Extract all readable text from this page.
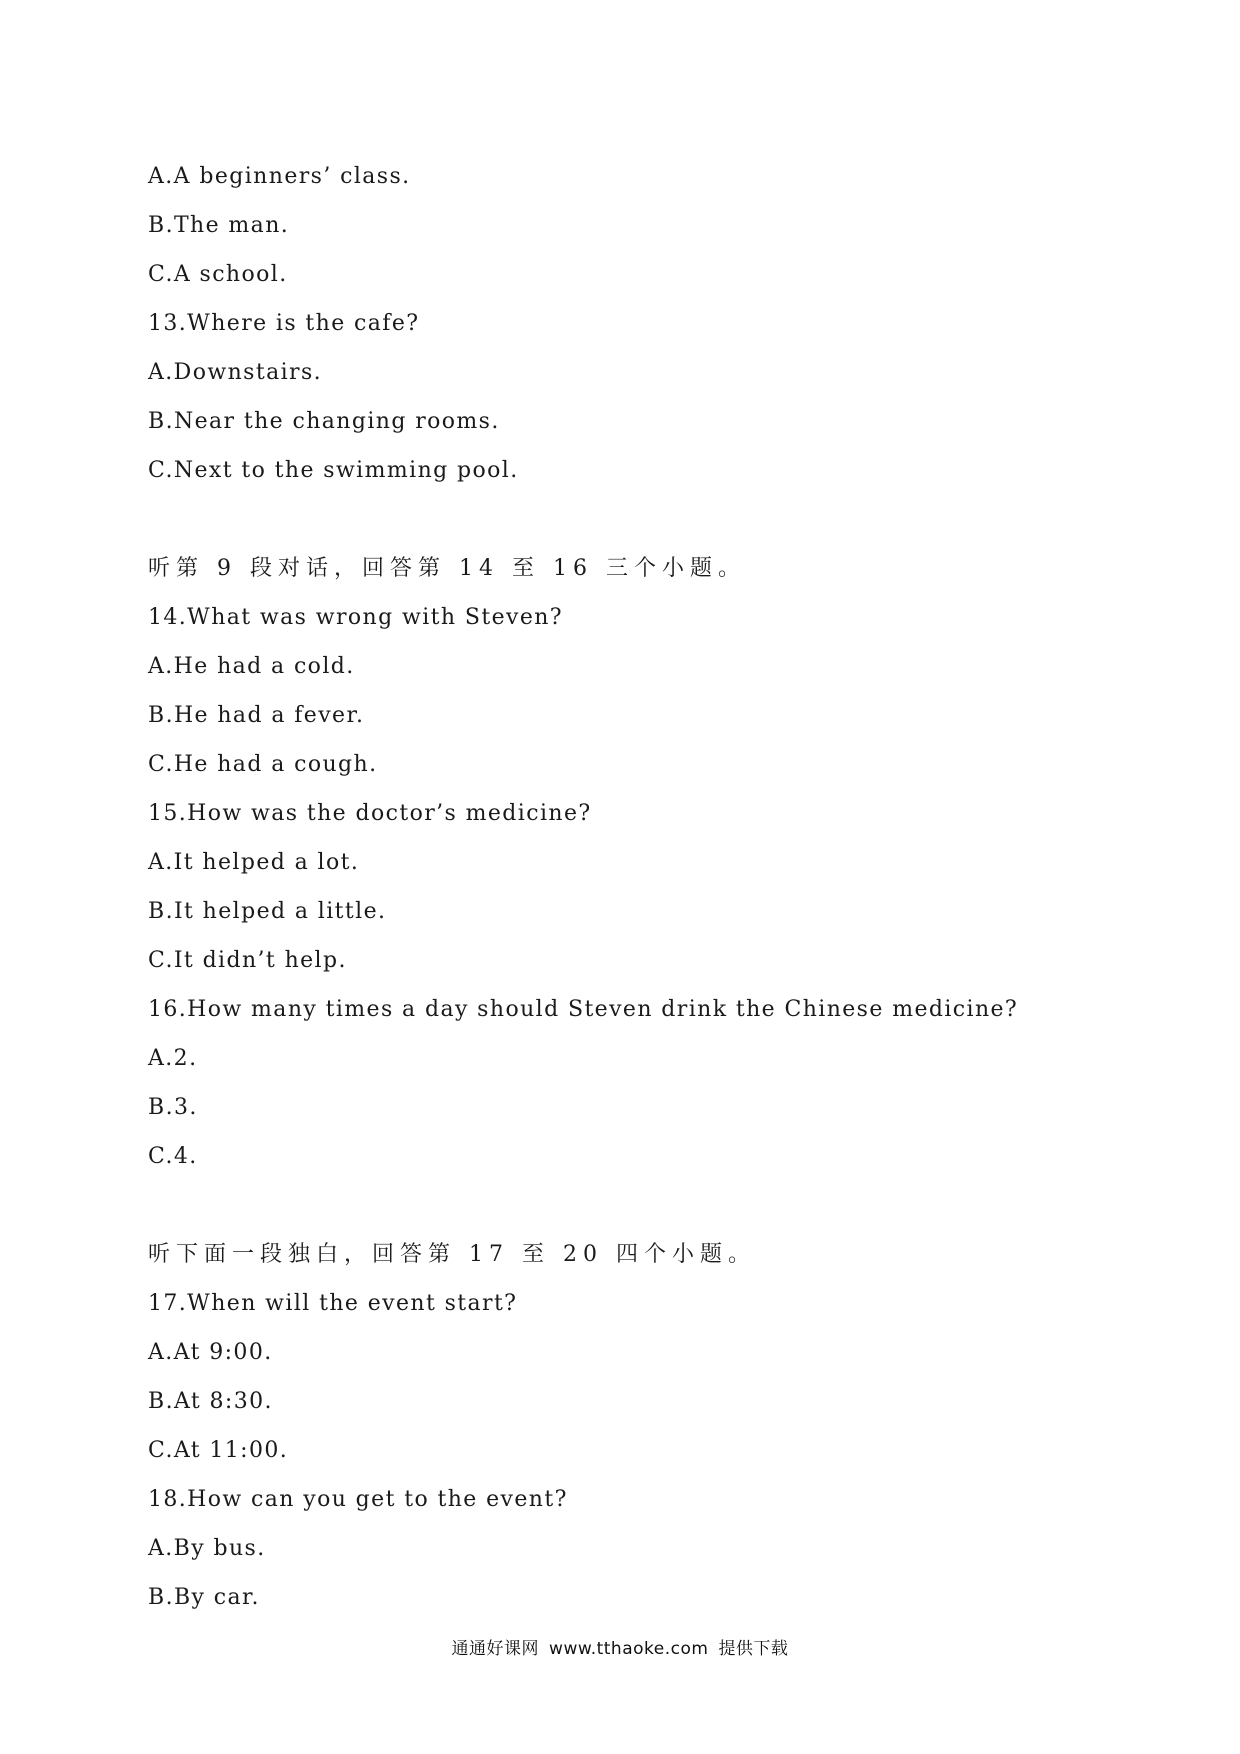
A.A beginners’ class.
B.The man.
C.A school.
13.Where is the cafe?
A.Downstairs.
B.Near the changing rooms.
C.Next to the swimming pool.
听第 9 段对话，回答第 14 至 16 三个小题。
14.What was wrong with Steven?
A.He had a cold.
B.He had a fever.
C.He had a cough.
15.How was the doctor’s medicine?
A.It helped a lot.
B.It helped a little.
C.It didn’t help.
16.How many times a day should Steven drink the Chinese medicine?
A.2.
B.3.
C.4.
听下面一段独白，回答第 17 至 20 四个小题。
17.When will the event start?
A.At 9:00.
B.At 8:30.
C.At 11:00.
18.How can you get to the event?
A.By bus.
B.By car.
通通好课网 www.tthaoke.com 提供下载
